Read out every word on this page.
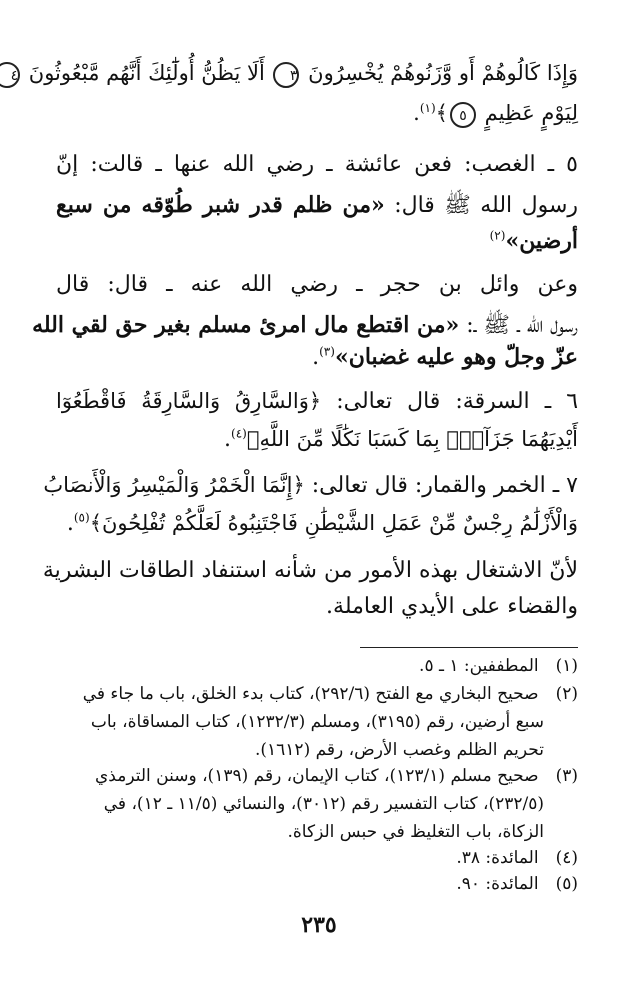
وَإِذَا كَالُوهُمْ أَو وَّزَنُوهُمْ يُخْسِرُونَ ٣ أَلَا يَظُنُّ أُولَٰٓئِكَ أَنَّهُم مَّبْعُوثُونَ ٤
لِيَوْمٍ عَظِيمٍ ٥﴾$^{(١)}$.
٥ ـ الغصب: فعن عائشة ـ رضي الله عنها ـ قالت: إنّ
رسول الله ﷺ قال: «من ظلم قدر شبر طُوّقه من سبع
أرضين»$^{(٢)}$
وعن وائل بن حجر ـ رضي الله عنه ـ قال: قال
رسول الله ـ ﷺ ـ: «من اقتطع مال امرئ مسلم بغير حق لقي الله
عزّ وجلّ وهو عليه غضبان»$^{(٣)}$.
٦ ـ السرقة: قال تعالى: ﴿وَالسَّارِقُ وَالسَّارِقَةُ فَاقْطَعُوٓا
أَيْدِيَهُمَا جَزَآءًۢ بِمَا كَسَبَا نَكَٰلًا مِّنَ اللَّهِ﴾$^{(٤)}$.
٧ ـ الخمر والقمار: قال تعالى: ﴿إِنَّمَا الْخَمْرُ وَالْمَيْسِرُ وَالْأَنصَابُ
وَالْأَزْلَٰمُ رِجْسٌ مِّنْ عَمَلِ الشَّيْطَٰنِ فَاجْتَنِبُوهُ لَعَلَّكُمْ تُفْلِحُونَ﴾$^{(٥)}$.
لأنّ الاشتغال بهذه الأمور من شأنه استنفاد الطاقات البشرية
والقضاء على الأيدي العاملة.
(١) المطففين: ١ ـ ٥.
(٢) صحيح البخاري مع الفتح (٢٩٢/٦)، كتاب بدء الخلق، باب ما جاء في
سبع أرضين، رقم (٣١٩٥)، ومسلم (١٢٣٢/٣)، كتاب المساقاة، باب
تحريم الظلم وغصب الأرض، رقم (١٦١٢).
(٣) صحيح مسلم (١٢٣/١)، كتاب الإيمان، رقم (١٣٩)، وسنن الترمذي
(٢٣٢/٥)، كتاب التفسير رقم (٣٠١٢)، والنسائي (١١/٥ ـ ١٢)، في
الزكاة، باب التغليظ في حبس الزكاة.
(٤) المائدة: ٣٨.
(٥) المائدة: ٩٠.
٢٣٥
